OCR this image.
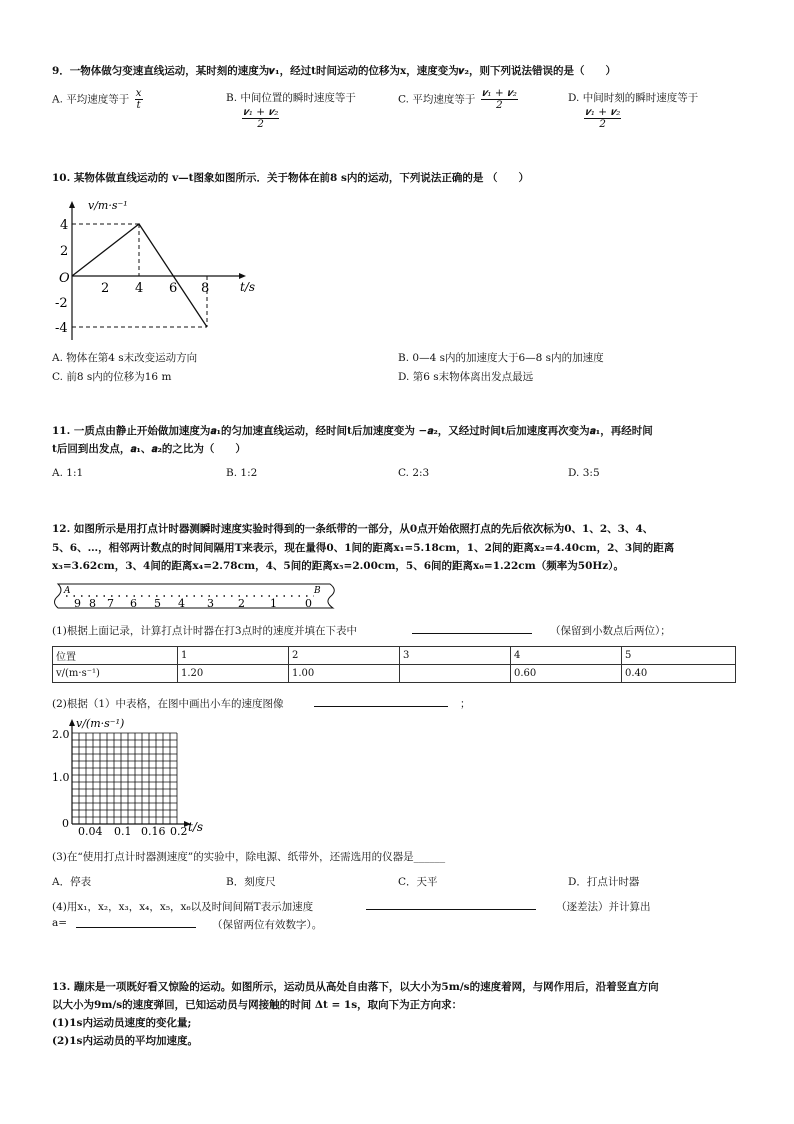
9．一物体做匀变速直线运动，某时刻的速度为𝒗₁，经过t时间运动的位移为x，速度变为𝒗₂，则下列说法错误的是（　　）
A. 平均速度等于 $\frac{x}{t}$	B. 中间位置的瞬时速度等于
$\frac{\text{𝒗₁ + 𝒗₂}}{2}$
C. 平均速度等于 $\frac{\text{𝒗₁ + 𝒗₂}}{2}$	D. 中间时刻的瞬时速度等于
$\frac{\text{𝒗₁ + 𝒗₂}}{2}$
10. 某物体做直线运动的 v—t图象如图所示．关于物体在前8 s内的运动，下列说法正确的是 （　　）
v/m·s⁻¹
t/s
4
2
O
-2
-4
2 4 6 8
A. 物体在第4 s末改变运动方向	B. 0—4 s内的加速度大于6—8 s内的加速度
C. 前8 s内的位移为16 m	D. 第6 s末物体离出发点最远
11. 一质点由静止开始做加速度为𝒂₁的匀加速直线运动，经时间t后加速度变为 −𝒂₂，又经过时间t后加速度再次变为𝒂₁，再经时间
t后回到出发点，𝒂₁、𝒂₂的之比为（　　）
A. 1:1	B. 1:2	C. 2:3	D. 3:5
12. 如图所示是用打点计时器测瞬时速度实验时得到的一条纸带的一部分，从0点开始依照打点的先后依次标为0、1、2、3、4、
5、6、…，相邻两计数点的时间间隔用T来表示，现在量得0、1间的距离x₁=5.18cm，1、2间的距离x₂=4.40cm，2、3间的距离
x₃=3.62cm，3、4间的距离x₄=2.78cm，4、5间的距离x₅=2.00cm，5、6间的距离x₆=1.22cm（频率为50Hz）。
A	B
9 8 7 6 5 4 3 2 1	0
(1)根据上面记录，计算打点计时器在打3点时的速度并填在下表中	（保留到小数点后两位）；
位置	1	2	3	4	5
v/(m·s⁻¹)	1.20	1.00		0.60	0.40
(2)根据（1）中表格，在图中画出小车的速度图像	；
v/(m·s⁻¹)
t/s
2.0
1.0
0
0.04 0.1 0.16 0.2
(3)在“使用打点计时器测速度”的实验中，除电源、纸带外，还需选用的仪器是______
A．停表	B．刻度尺	C．天平	D．打点计时器
(4)用x₁，x₂，x₃，x₄，x₅，x₆以及时间间隔T表示加速度	（逐差法）并计算出
a=	（保留两位有效数字）。
13. 蹦床是一项既好看又惊险的运动。如图所示，运动员从高处自由落下，以大小为5m/s的速度着网，与网作用后，沿着竖直方向
以大小为9m/s的速度弹回，已知运动员与网接触的时间 Δt = 1s，取向下为正方向求：
(1)1s内运动员速度的变化量;
(2)1s内运动员的平均加速度。
